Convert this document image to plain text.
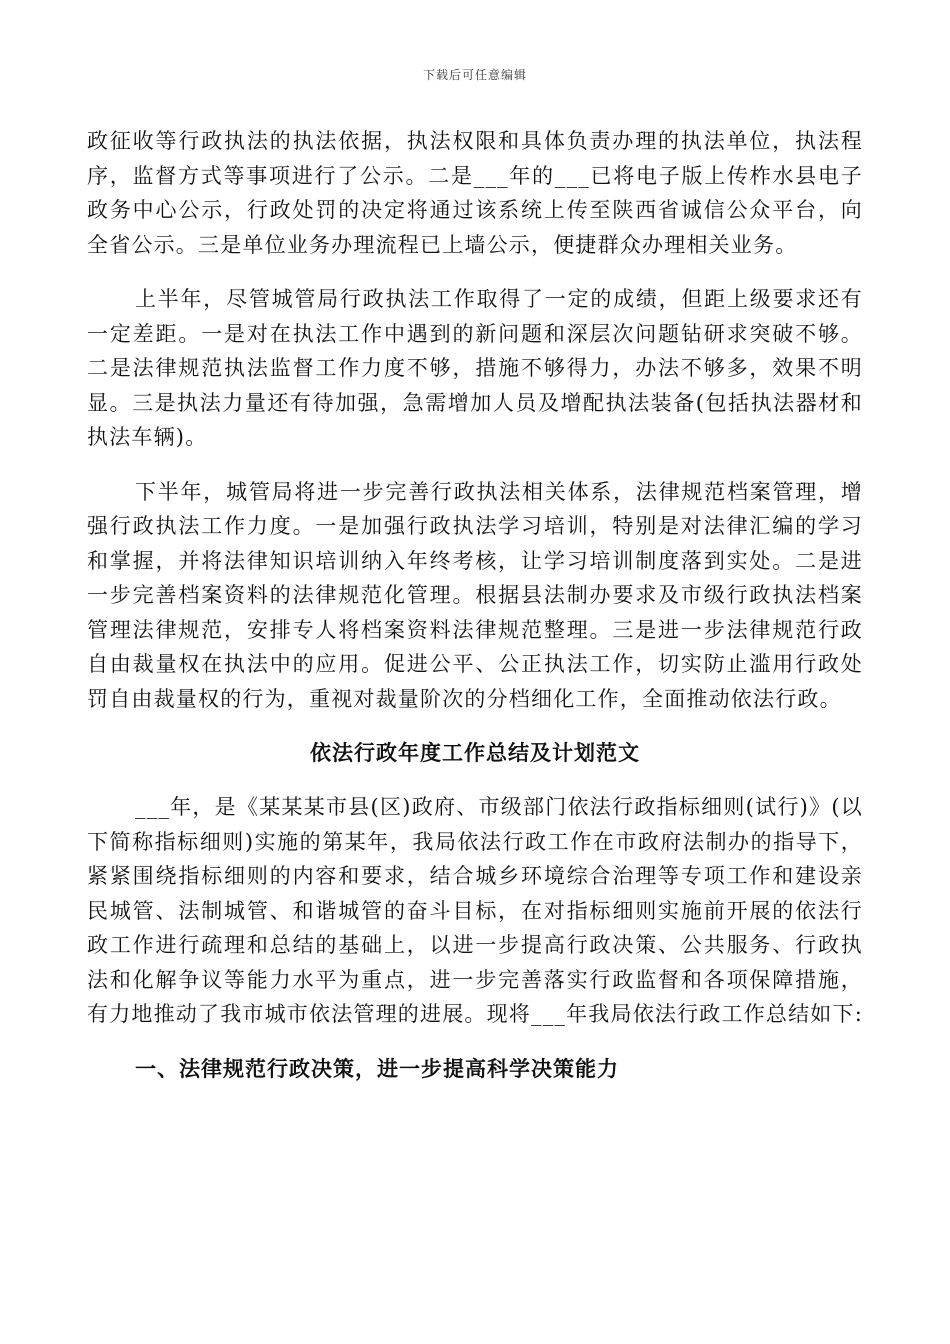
下载后可任意编辑

政征收等行政执法的执法依据，执法权限和具体负责办理的执法单位，执法程序，监督方式等事项进行了公示。二是___年的___已将电子版上传柞水县电子政务中心公示，行政处罚的决定将通过该系统上传至陕西省诚信公众平台，向全省公示。三是单位业务办理流程已上墙公示，便捷群众办理相关业务。

上半年，尽管城管局行政执法工作取得了一定的成绩，但距上级要求还有一定差距。一是对在执法工作中遇到的新问题和深层次问题钻研求突破不够。二是法律规范执法监督工作力度不够，措施不够得力，办法不够多，效果不明显。三是执法力量还有待加强，急需增加人员及增配执法装备(包括执法器材和执法车辆)。

下半年，城管局将进一步完善行政执法相关体系，法律规范档案管理，增强行政执法工作力度。一是加强行政执法学习培训，特别是对法律汇编的学习和掌握，并将法律知识培训纳入年终考核，让学习培训制度落到实处。二是进一步完善档案资料的法律规范化管理。根据县法制办要求及市级行政执法档案管理法律规范，安排专人将档案资料法律规范整理。三是进一步法律规范行政自由裁量权在执法中的应用。促进公平、公正执法工作，切实防止滥用行政处罚自由裁量权的行为，重视对裁量阶次的分档细化工作，全面推动依法行政。

依法行政年度工作总结及计划范文

___年，是《某某某市县(区)政府、市级部门依法行政指标细则(试行)》(以下简称指标细则)实施的第某年，我局依法行政工作在市政府法制办的指导下，紧紧围绕指标细则的内容和要求，结合城乡环境综合治理等专项工作和建设亲民城管、法制城管、和谐城管的奋斗目标，在对指标细则实施前开展的依法行政工作进行疏理和总结的基础上，以进一步提高行政决策、公共服务、行政执法和化解争议等能力水平为重点，进一步完善落实行政监督和各项保障措施，有力地推动了我市城市依法管理的进展。现将___年我局依法行政工作总结如下:

一、法律规范行政决策，进一步提高科学决策能力
